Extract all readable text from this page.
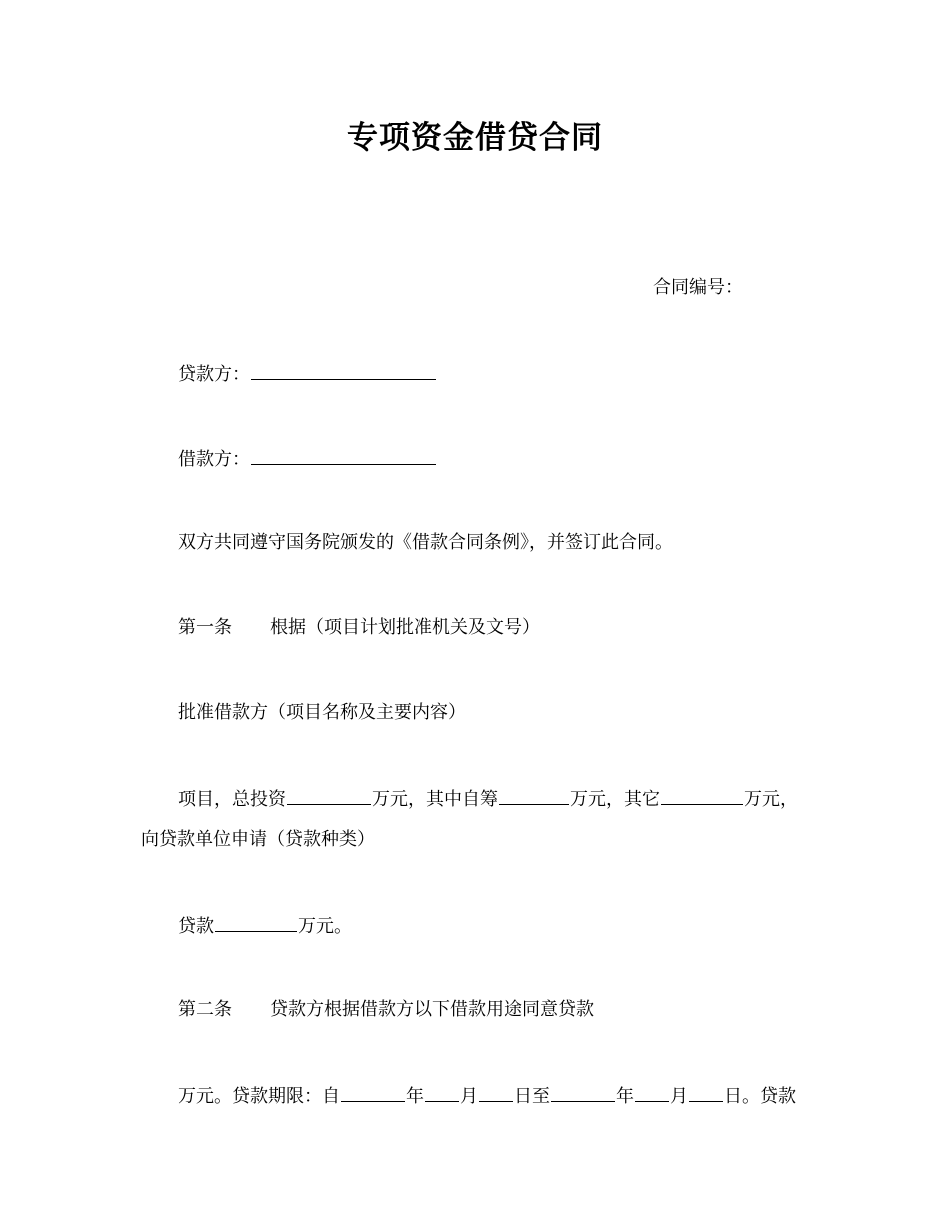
专项资金借贷合同
合同编号：
贷款方：
借款方：
双方共同遵守国务院颁发的《借款合同条例》，并签订此合同。
第一条 根据（项目计划批准机关及文号）
批准借款方（项目名称及主要内容）
项目，总投资	万元，其中自筹	万元，其它	万元，
向贷款单位申请（贷款种类）
贷款	万元。
第二条 贷款方根据借款方以下借款用途同意贷款
万元。贷款期限：自	年 月 日至	年 月 日。贷款
